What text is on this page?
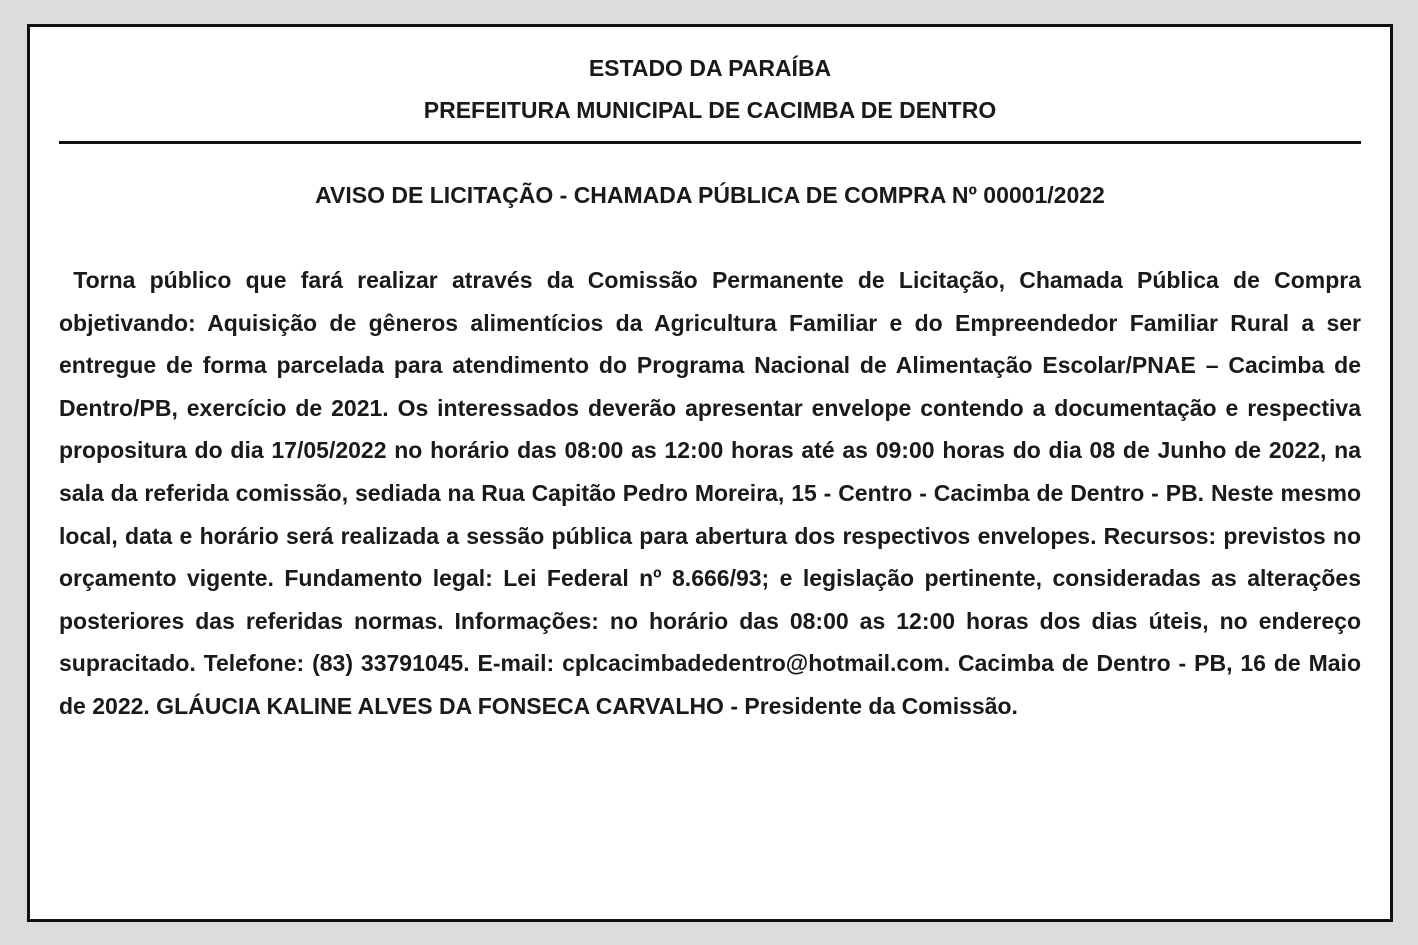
ESTADO DA PARAÍBA

PREFEITURA MUNICIPAL DE CACIMBA DE DENTRO

AVISO DE LICITAÇÃO - CHAMADA PÚBLICA DE COMPRA Nº 00001/2022

Torna público que fará realizar através da Comissão Permanente de Licitação, Chamada Pública de Compra objetivando: Aquisição de gêneros alimentícios da Agricultura Familiar e do Empreendedor Familiar Rural a ser entregue de forma parcelada para atendimento do Programa Nacional de Alimentação Escolar/PNAE – Cacimba de Dentro/PB, exercício de 2021. Os interessados deverão apresentar envelope contendo a documentação e respectiva propositura do dia 17/05/2022 no horário das 08:00 as 12:00 horas até as 09:00 horas do dia 08 de Junho de 2022, na sala da referida comissão, sediada na Rua Capitão Pedro Moreira, 15 - Centro - Cacimba de Dentro - PB. Neste mesmo local, data e horário será realizada a sessão pública para abertura dos respectivos envelopes. Recursos: previstos no orçamento vigente. Fundamento legal: Lei Federal nº 8.666/93; e legislação pertinente, consideradas as alterações posteriores das referidas normas. Informações: no horário das 08:00 as 12:00 horas dos dias úteis, no endereço supracitado. Telefone: (83) 33791045. E-mail: cplcacimbadedentro@hotmail.com. Cacimba de Dentro - PB, 16 de Maio de 2022. GLÁUCIA KALINE ALVES DA FONSECA CARVALHO - Presidente da Comissão.
